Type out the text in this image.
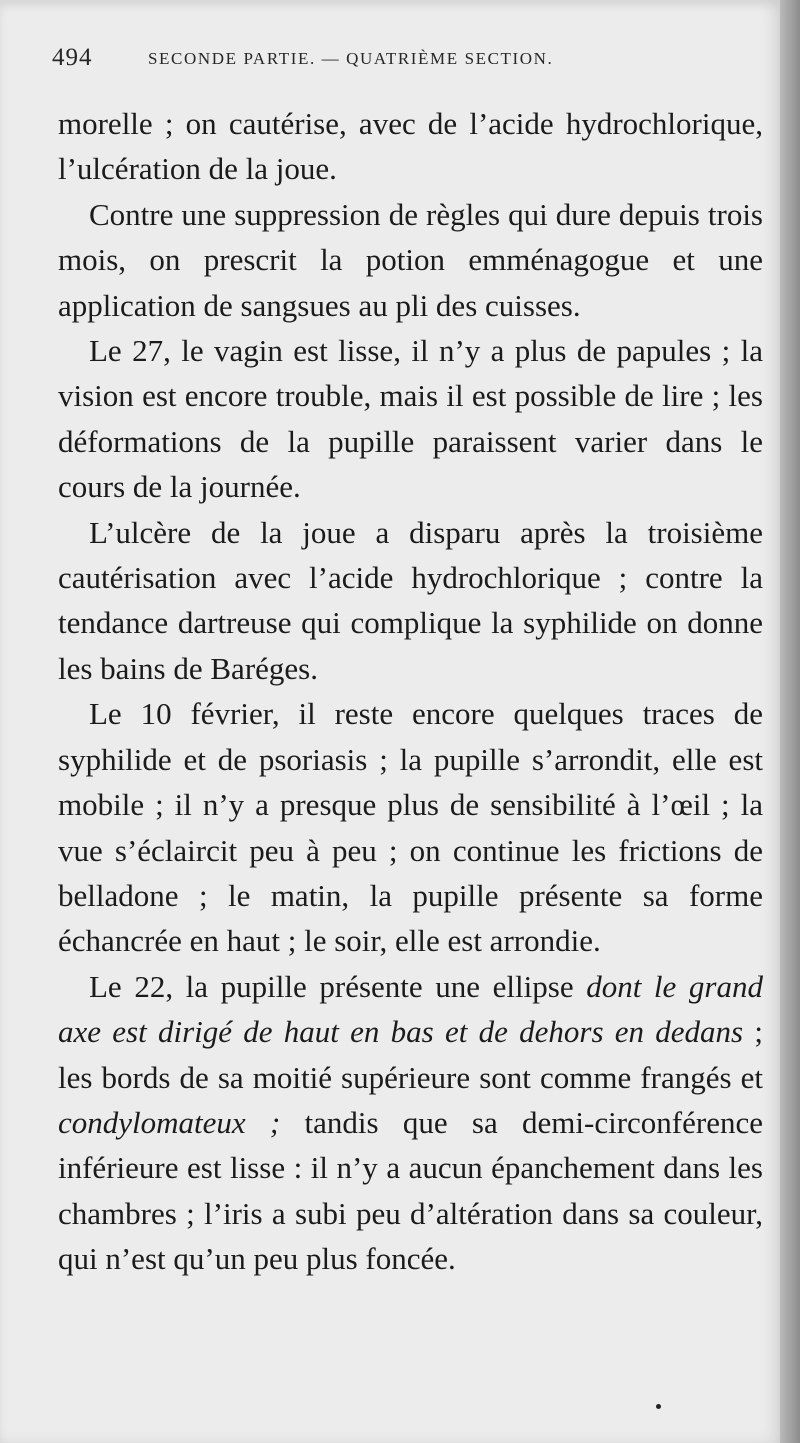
494	SECONDE PARTIE. — QUATRIÈME SECTION.

morelle ; on cautérise, avec de l’acide hydrochlorique, l’ulcération de la joue.

Contre une suppression de règles qui dure depuis trois mois, on prescrit la potion emménagogue et une application de sangsues au pli des cuisses.

Le 27, le vagin est lisse, il n’y a plus de papules ; la vision est encore trouble, mais il est possible de lire ; les déformations de la pupille paraissent varier dans le cours de la journée.

L’ulcère de la joue a disparu après la troisième cautérisation avec l’acide hydrochlorique ; contre la tendance dartreuse qui complique la syphilide on donne les bains de Baréges.

Le 10 février, il reste encore quelques traces de syphilide et de psoriasis ; la pupille s’arrondit, elle est mobile ; il n’y a presque plus de sensibilité à l’œil ; la vue s’éclaircit peu à peu ; on continue les frictions de belladone ; le matin, la pupille présente sa forme échancrée en haut ; le soir, elle est arrondie.

Le 22, la pupille présente une ellipse dont le grand axe est dirigé de haut en bas et de dehors en dedans ; les bords de sa moitié supérieure sont comme frangés et condylomateux ; tandis que sa demi-circonférence inférieure est lisse : il n’y a aucun épanchement dans les chambres ; l’iris a subi peu d’altération dans sa couleur, qui n’est qu’un peu plus foncée.
